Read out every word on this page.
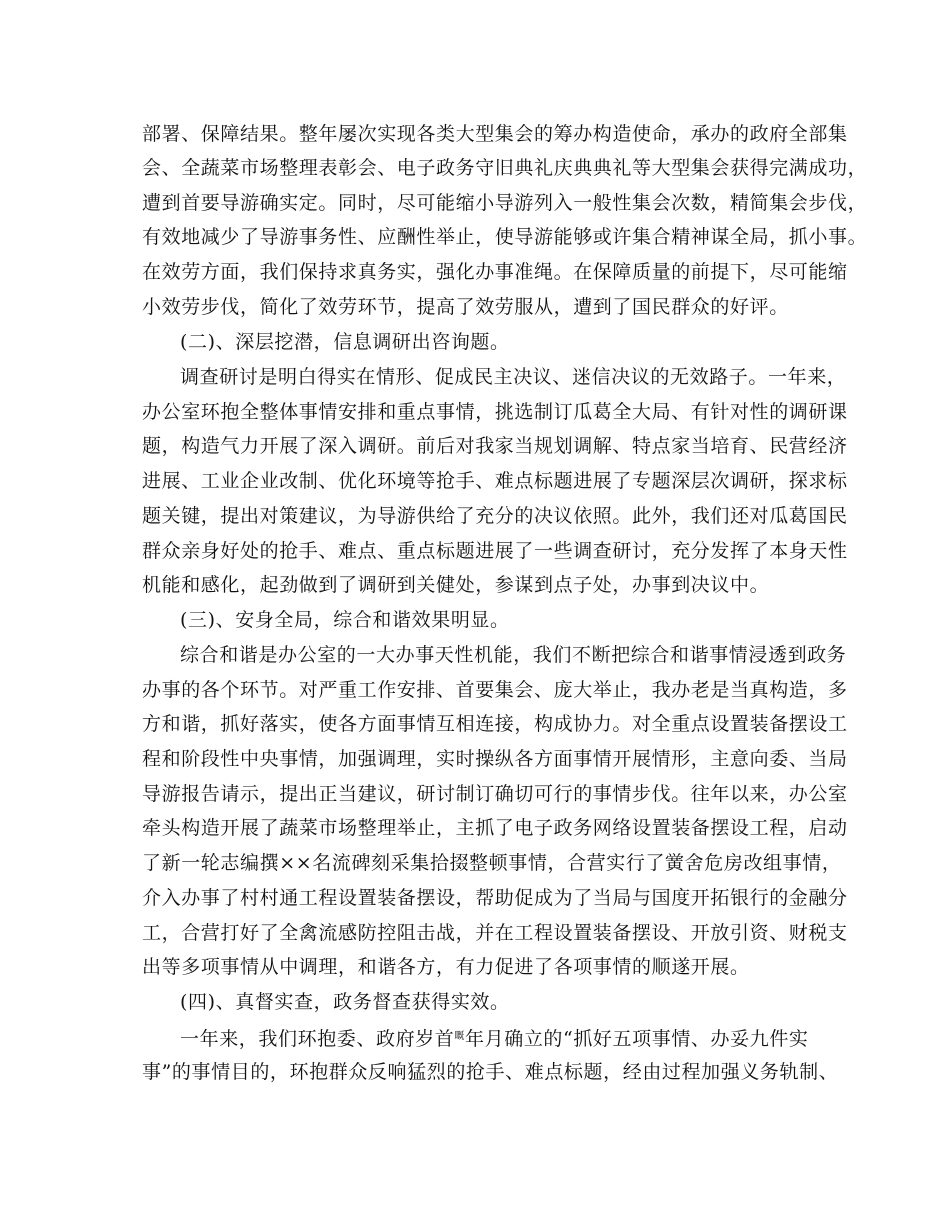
部署、保障结果。整年屡次实现各类大型集会的筹办构造使命，承办的政府全部集
会、全蔬菜市场整理表彰会、电子政务守旧典礼庆典典礼等大型集会获得完满成功，
遭到首要导游确实定。同时，尽可能缩小导游列入一般性集会次数，精简集会步伐，
有效地减少了导游事务性、应酬性举止，使导游能够或许集合精神谋全局，抓小事。
在效劳方面，我们保持求真务实，强化办事准绳。在保障质量的前提下，尽可能缩
小效劳步伐，简化了效劳环节，提高了效劳服从，遭到了国民群众的好评。
(二)、深层挖潜，信息调研出咨询题。
调查研讨是明白得实在情形、促成民主决议、迷信决议的无效路子。一年来，
办公室环抱全整体事情安排和重点事情，挑选制订瓜葛全大局、有针对性的调研课
题，构造气力开展了深入调研。前后对我家当规划调解、特点家当培育、民营经济
进展、工业企业改制、优化环境等抢手、难点标题进展了专题深层次调研，探求标
题关键，提出对策建议，为导游供给了充分的决议依照。此外，我们还对瓜葛国民
群众亲身好处的抢手、难点、重点标题进展了一些调查研讨，充分发挥了本身天性
机能和感化，起劲做到了调研到关健处，参谋到点子处，办事到决议中。
(三)、安身全局，综合和谐效果明显。
综合和谐是办公室的一大办事天性机能，我们不断把综合和谐事情浸透到政务
办事的各个环节。对严重工作安排、首要集会、庞大举止，我办老是当真构造，多
方和谐，抓好落实，使各方面事情互相连接，构成协力。对全重点设置装备摆设工
程和阶段性中央事情，加强调理，实时操纵各方面事情开展情形，主意向委、当局
导游报告请示，提出正当建议，研讨制订确切可行的事情步伐。往年以来，办公室
牵头构造开展了蔬菜市场整理举止，主抓了电子政务网络设置装备摆设工程，启动
了新一轮志编撰××名流碑刻采集拾掇整顿事情，合营实行了黉舍危房改组事情，
介入办事了村村通工程设置装备摆设，帮助促成为了当局与国度开拓银行的金融分
工，合营打好了全禽流感防控阻击战，并在工程设置装备摆设、开放引资、财税支
出等多项事情从中调理，和谐各方，有力促进了各项事情的顺遂开展。
(四)、真督实查，政务督查获得实效。
一年来，我们环抱委、政府岁首$^嘅$年月确立的“抓好五项事情、办妥九件实
事”的事情目的，环抱群众反响猛烈的抢手、难点标题，经由过程加强义务轨制、
